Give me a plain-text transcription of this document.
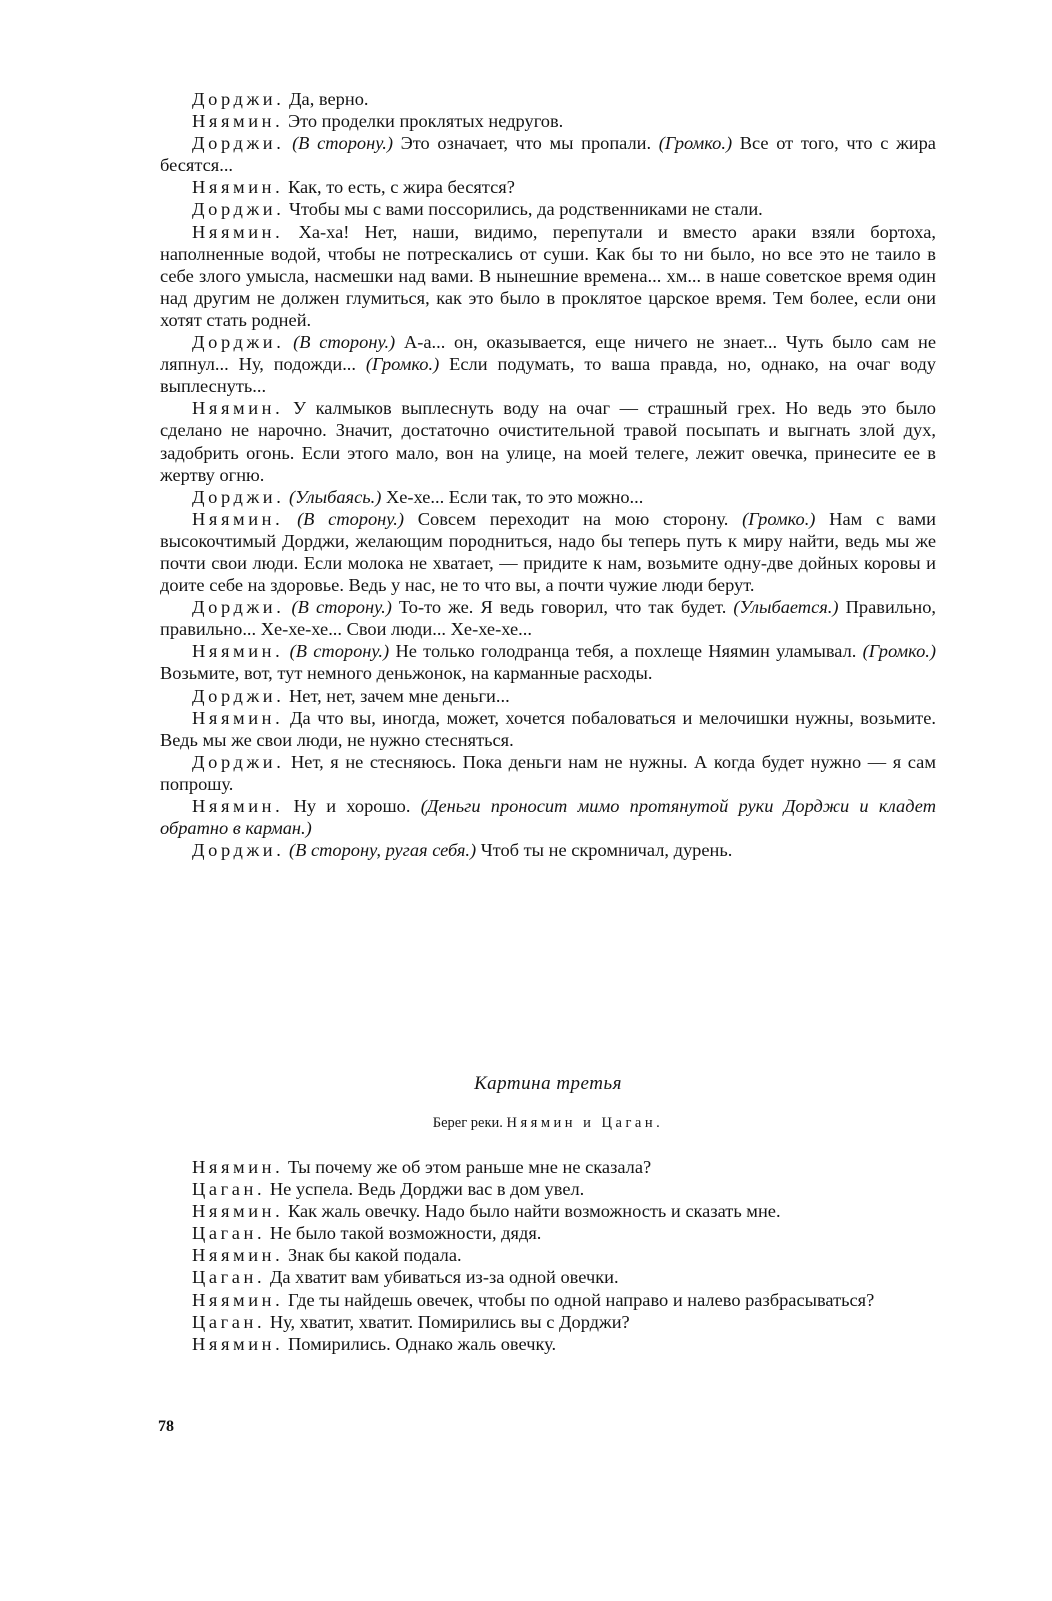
Дорджи. Да, верно.

Няямин. Это проделки проклятых недругов.

Дорджи. (В сторону.) Это означает, что мы пропали. (Громко.) Все от того, что с жира бесятся...

Няямин. Как, то есть, с жира бесятся?

Дорджи. Чтобы мы с вами поссорились, да родственниками не стали.

Няямин. Ха-ха! Нет, наши, видимо, перепутали и вместо араки взяли бортоха, наполненные водой, чтобы не потрескались от суши. Как бы то ни было, но все это не таило в себе злого умысла, насмешки над вами. В нынешние времена... хм... в наше советское время один над другим не должен глумиться, как это было в проклятое царское время. Тем более, если они хотят стать родней.

Дорджи. (В сторону.) А-а... он, оказывается, еще ничего не знает... Чуть было сам не ляпнул... Ну, подожди... (Громко.) Если подумать, то ваша правда, но, однако, на очаг воду выплеснуть...

Няямин. У калмыков выплеснуть воду на очаг — страшный грех. Но ведь это было сделано не нарочно. Значит, достаточно очистительной травой посыпать и выгнать злой дух, задобрить огонь. Если этого мало, вон на улице, на моей телеге, лежит овечка, принесите ее в жертву огню.

Дорджи. (Улыбаясь.) Хе-хе... Если так, то это можно...

Няямин. (В сторону.) Совсем переходит на мою сторону. (Громко.) Нам с вами высокочтимый Дорджи, желающим породниться, надо бы теперь путь к миру найти, ведь мы же почти свои люди. Если молока не хватает, — придите к нам, возьмите одну-две дойных коровы и доите себе на здоровье. Ведь у нас, не то что вы, а почти чужие люди берут.

Дорджи. (В сторону.) То-то же. Я ведь говорил, что так будет. (Улыбается.) Правильно, правильно... Хе-хе-хе... Свои люди... Хе-хе-хе...

Няямин. (В сторону.) Не только голодранца тебя, а похлеще Няямин уламывал. (Громко.) Возьмите, вот, тут немного деньжонок, на карманные расходы.

Дорджи. Нет, нет, зачем мне деньги...

Няямин. Да что вы, иногда, может, хочется побаловаться и мелочишки нужны, возьмите. Ведь мы же свои люди, не нужно стесняться.

Дорджи. Нет, я не стесняюсь. Пока деньги нам не нужны. А когда будет нужно — я сам попрошу.

Няямин. Ну и хорошо. (Деньги проносит мимо протянутой руки Дорджи и кладет обратно в карман.)

Дорджи. (В сторону, ругая себя.) Чтоб ты не скромничал, дурень.

Картина третья
Берег реки. Няямин и Цаган.

Няямин. Ты почему же об этом раньше мне не сказала?

Цаган. Не успела. Ведь Дорджи вас в дом увел.

Няямин. Как жаль овечку. Надо было найти возможность и сказать мне.

Цаган. Не было такой возможности, дядя.

Няямин. Знак бы какой подала.

Цаган. Да хватит вам убиваться из-за одной овечки.

Няямин. Где ты найдешь овечек, чтобы по одной направо и налево разбрасываться?

Цаган. Ну, хватит, хватит. Помирились вы с Дорджи?

Няямин. Помирились. Однако жаль овечку.

78
